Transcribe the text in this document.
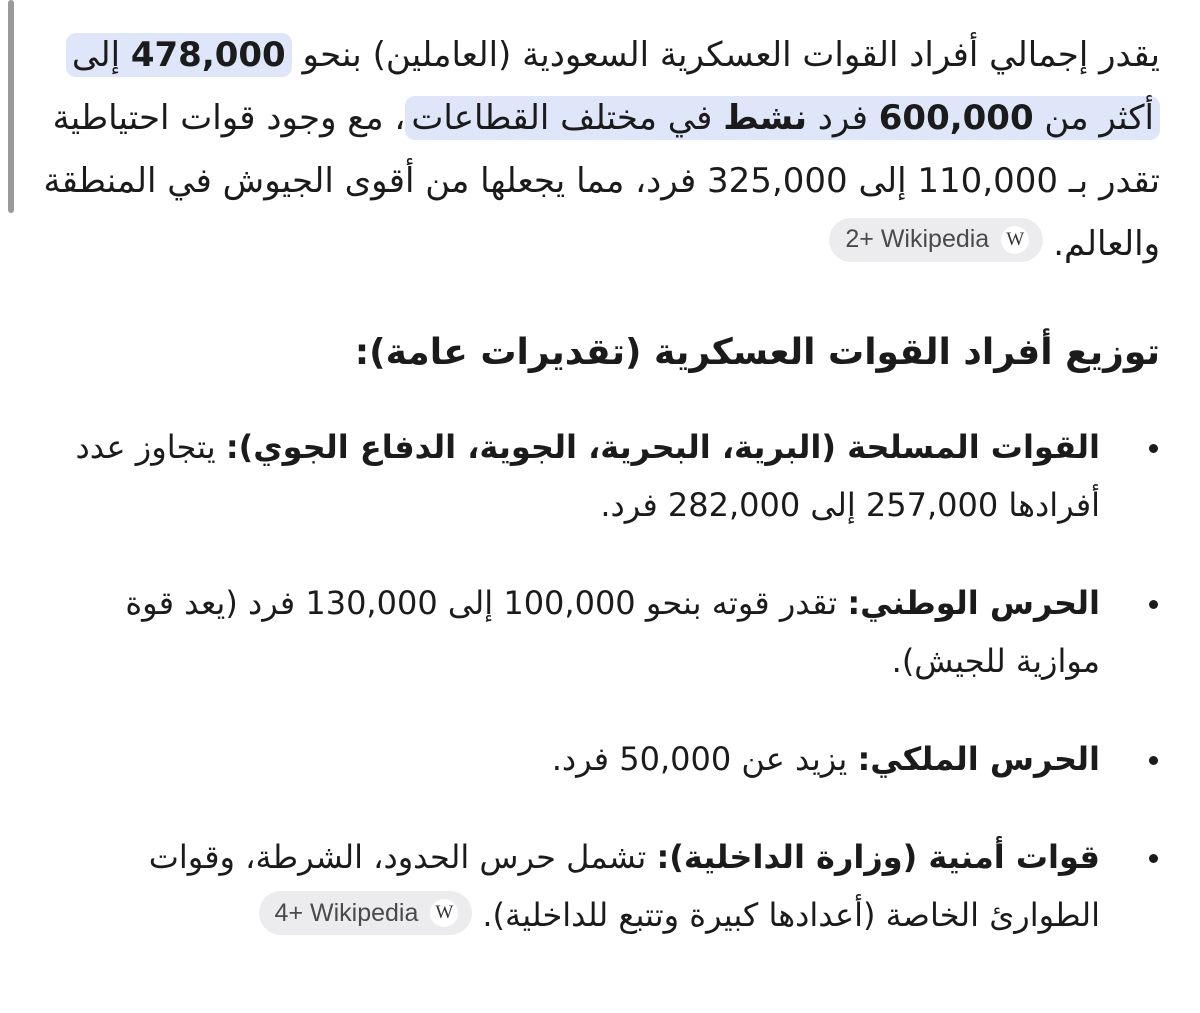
يقدر إجمالي أفراد القوات العسكرية السعودية (العاملين) بنحو 478,000 إلى أكثر من 600,000 فرد نشط في مختلف القطاعات، مع وجود قوات احتياطية تقدر بـ 110,000 إلى 325,000 فرد، مما يجعلها من أقوى الجيوش في المنطقة والعالم.
2+ Wikipedia W

توزيع أفراد القوات العسكرية (تقديرات عامة):
القوات المسلحة (البرية، البحرية، الجوية، الدفاع الجوي): يتجاوز عدد أفرادها 257,000 إلى 282,000 فرد.
الحرس الوطني: تقدر قوته بنحو 100,000 إلى 130,000 فرد (يعد قوة موازية للجيش).
الحرس الملكي: يزيد عن 50,000 فرد.
قوات أمنية (وزارة الداخلية): تشمل حرس الحدود، الشرطة، وقوات الطوارئ الخاصة (أعدادها كبيرة وتتبع للداخلية).
4+ Wikipedia W
